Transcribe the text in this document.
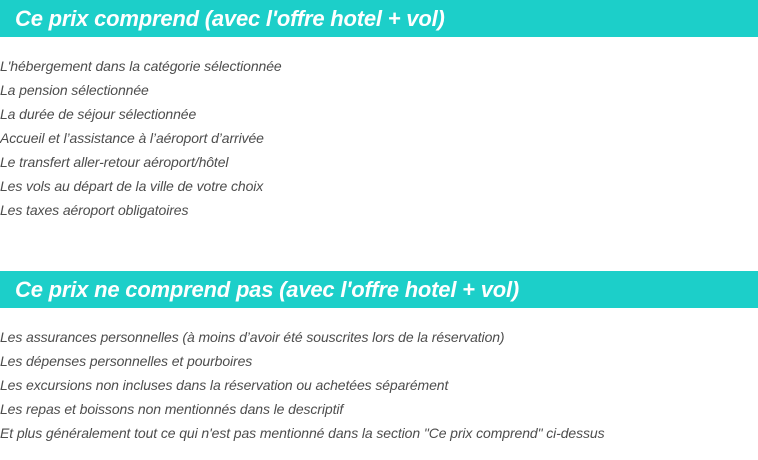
Ce prix comprend (avec l'offre hotel + vol)
L'hébergement dans la catégorie sélectionnée
La pension sélectionnée
La durée de séjour sélectionnée
Accueil et l’assistance à l’aéroport d’arrivée
Le transfert aller-retour aéroport/hôtel
Les vols au départ de la ville de votre choix
Les taxes aéroport obligatoires
Ce prix ne comprend pas (avec l'offre hotel + vol)
Les assurances personnelles (à moins d’avoir été souscrites lors de la réservation)
Les dépenses personnelles et pourboires
Les excursions non incluses dans la réservation ou achetées séparément
Les repas et boissons non mentionnés dans le descriptif
Et plus généralement tout ce qui n'est pas mentionné dans la section "Ce prix comprend" ci-dessus
